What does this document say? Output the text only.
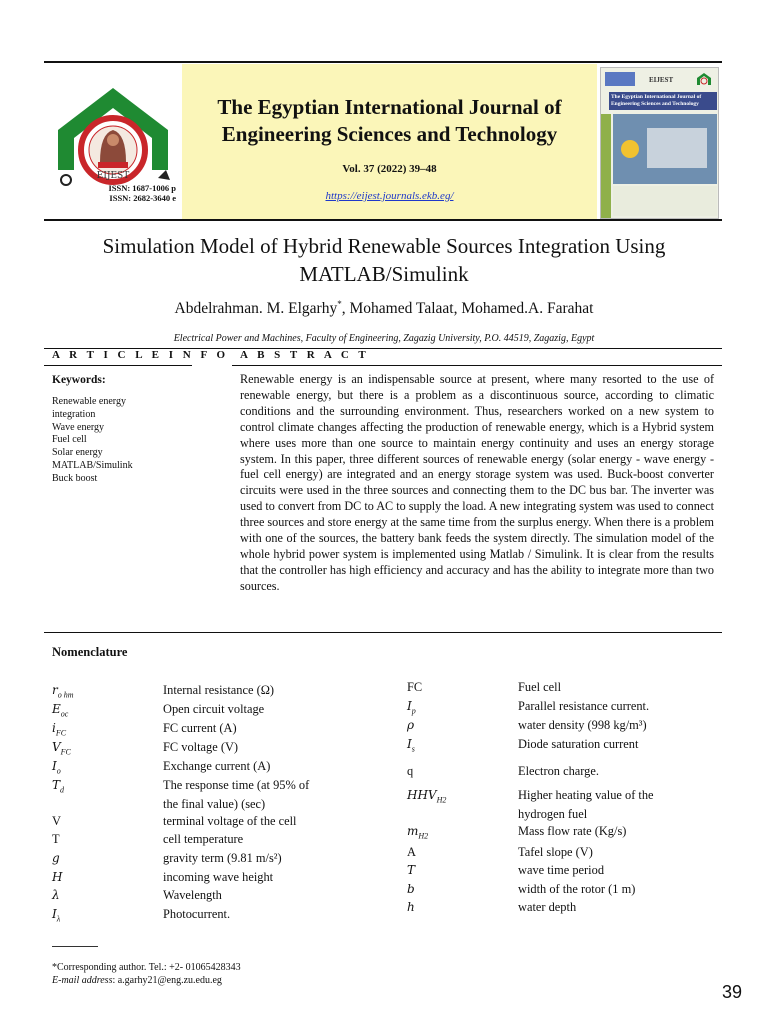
EIJEST
ISSN: 1687-1006 p
ISSN: 2682-3640 e
The Egyptian International Journal of
Engineering Sciences and Technology
Vol. 37 (2022) 39–48
https://eijest.journals.ekb.eg/
EIJEST
The Egyptian International Journal of Engineering Sciences and Technology
Simulation Model of Hybrid Renewable Sources Integration Using
MATLAB/Simulink
Abdelrahman. M. Elgarhy*, Mohamed Talaat, Mohamed.A. Farahat
Electrical Power and Machines, Faculty of Engineering, Zagazig University, P.O. 44519, Zagazig, Egypt
A R T I C L E I N F O A B S T R A C T
Keywords:
Renewable energy
integration
Wave energy
Fuel cell
Solar energy
MATLAB/Simulink
Buck boost
Renewable energy is an indispensable source at present, where many resorted to the use of renewable energy, but there is a problem as a discontinuous source, according to climatic conditions and the surrounding environment. Thus, researchers worked on a new system to control climate changes affecting the production of renewable energy, which is a Hybrid system where uses more than one source to maintain energy continuity and uses an energy storage system. In this paper, three different sources of renewable energy (solar energy - wave energy - fuel cell energy) are integrated and an energy storage system was used. Buck-boost converter circuits were used in the three sources and connecting them to the DC bus bar. The inverter was used to convert from DC to AC to supply the load. A new integrating system was used to connect three sources and store energy at the same time from the surplus energy. When there is a problem with one of the sources, the battery bank feeds the system directly. The simulation model of the whole hybrid power system is implemented using Matlab / Simulink. It is clear from the results that the controller has high efficiency and accuracy and has the ability to integrate more than two sources.
Nomenclature
*Corresponding author. Tel.: +2- 01065428343
E-mail address: a.garhy21@eng.zu.edu.eg
39
$r_{o hm}$	Internal resistance (Ω)
$E_{oc}$	Open circuit voltage
$i_{FC}$	FC current (A)
$V_{FC}$	FC voltage (V)
$I_o$	Exchange current (A)
$T_d$	The response time (at 95% of
the final value) (sec)
V	terminal voltage of the cell
T	cell temperature
g	gravity term (9.81 m/s²)
H	incoming wave height
λ	Wavelength
$I_\lambda$	Photocurrent.
FC	Fuel cell
$I_p$	Parallel resistance current.
ρ	water density (998 kg/m³)
$I_s$	Diode saturation current
q	Electron charge.
$HHV_{H2}$	Higher heating value of the
hydrogen fuel
$m_{H2}$	Mass flow rate (Kg/s)
A	Tafel slope (V)
T	wave time period
b	width of the rotor (1 m)
h	water depth
